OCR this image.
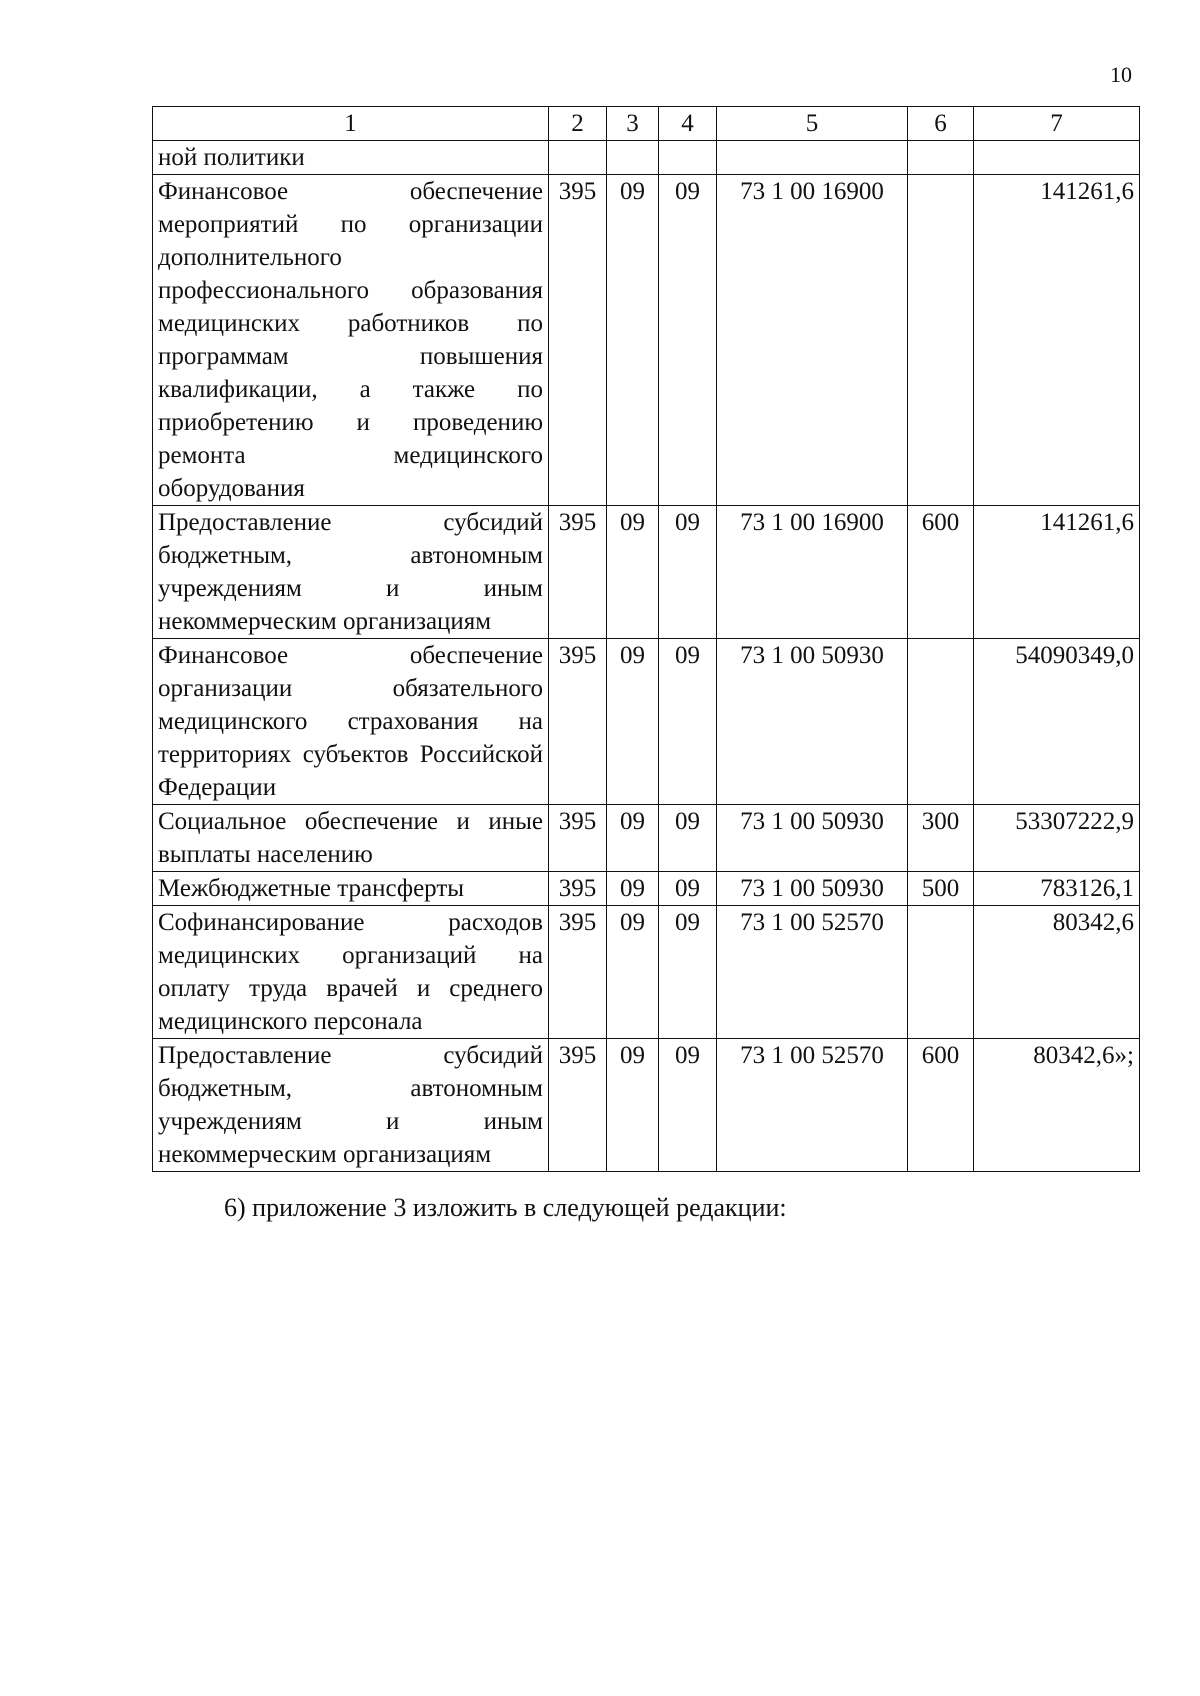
10
1	2	3	4	5	6	7
ной политики						
Финансовое обеспечение мероприятий по организации дополнительного профессионального образования медицинских работников по программам повышения квалификации, а также по приобретению и проведению ремонта медицинского оборудования	395	09	09	73 1 00 16900		141261,6
Предоставление субсидий бюджетным, автономным учреждениям и иным некоммерческим организациям	395	09	09	73 1 00 16900	600	141261,6
Финансовое обеспечение организации обязательного медицинского страхования на территориях субъектов Российской Федерации	395	09	09	73 1 00 50930		54090349,0
Социальное обеспечение и иные выплаты населению	395	09	09	73 1 00 50930	300	53307222,9
Межбюджетные трансферты	395	09	09	73 1 00 50930	500	783126,1
Софинансирование расходов медицинских организаций на оплату труда врачей и среднего медицинского персонала	395	09	09	73 1 00 52570		80342,6
Предоставление субсидий бюджетным, автономным учреждениям и иным некоммерческим организациям	395	09	09	73 1 00 52570	600	80342,6»;
6) приложение 3 изложить в следующей редакции:
